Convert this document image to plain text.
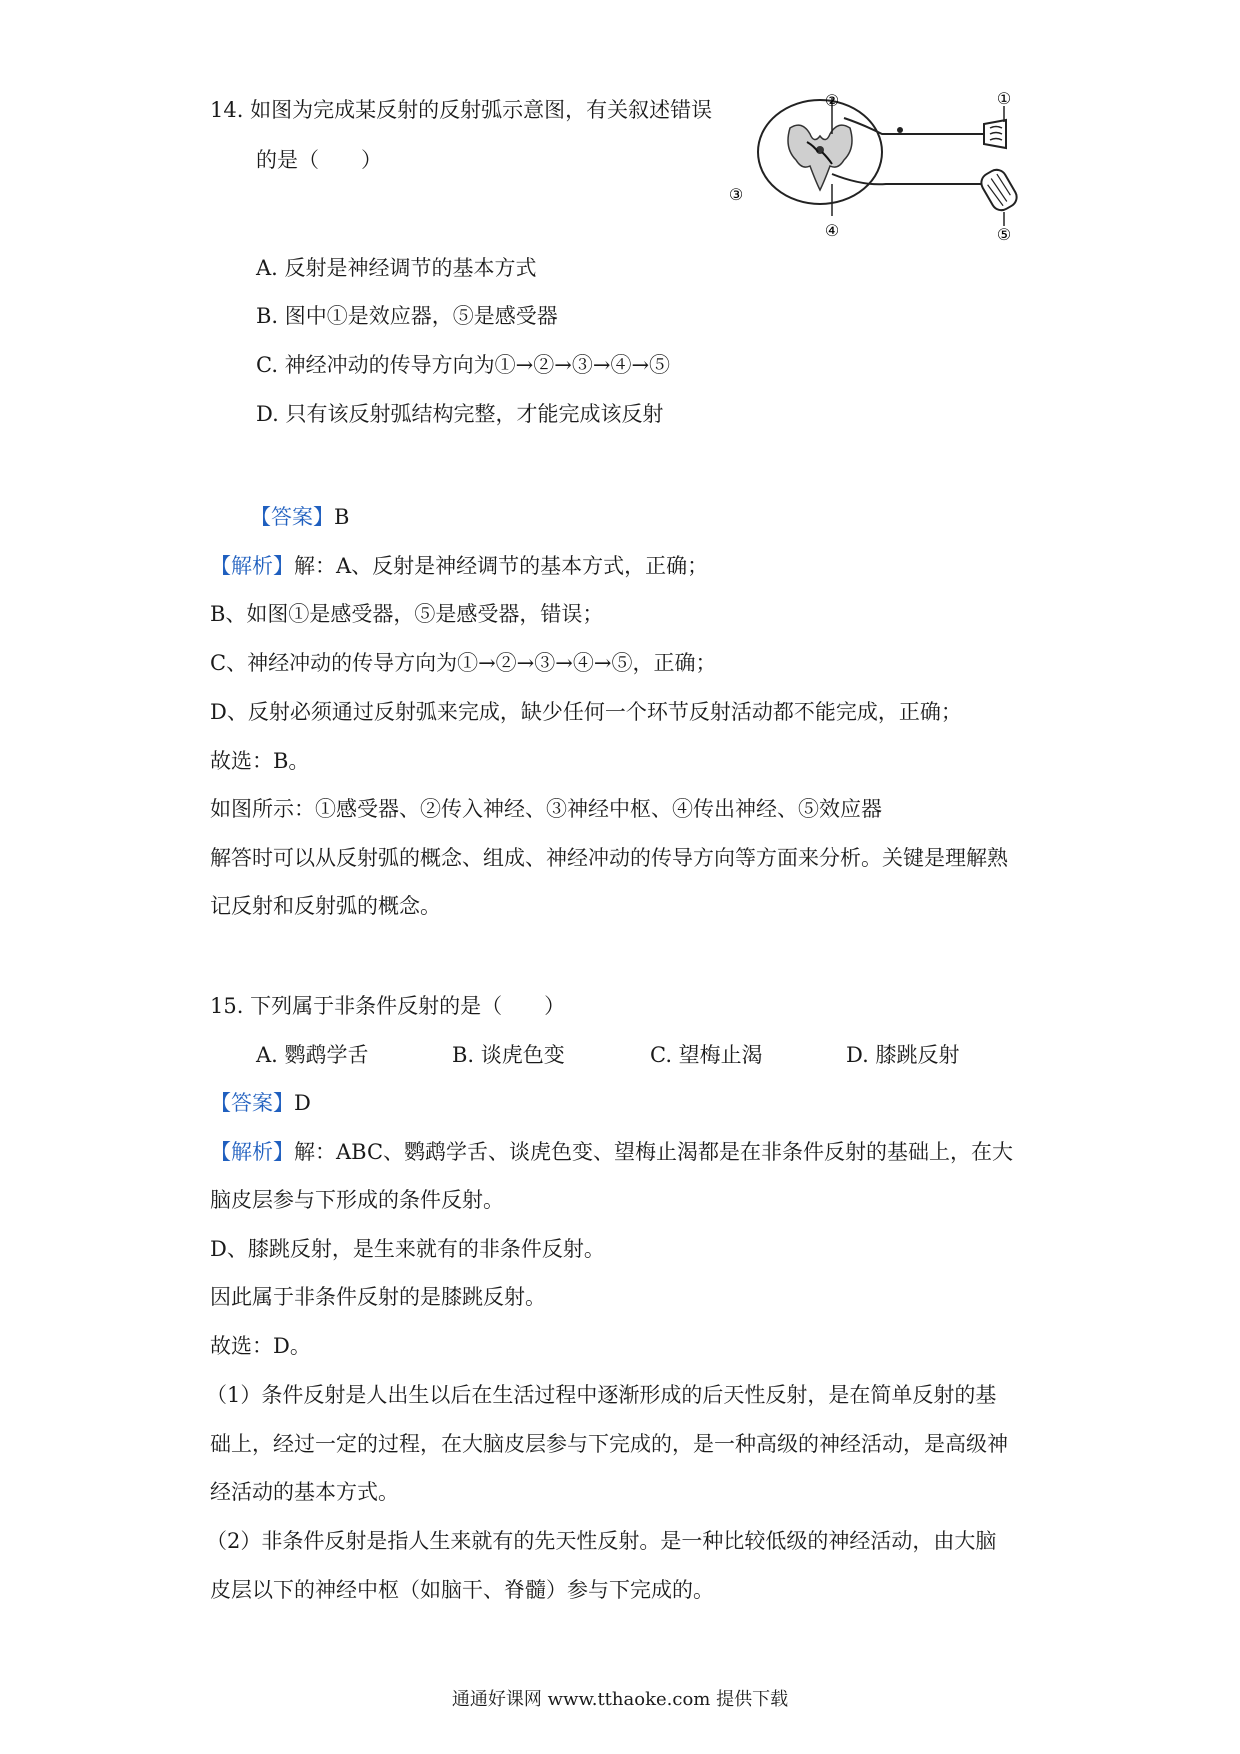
14. 如图为完成某反射的反射弧示意图，有关叙述错误
的是（　　）
①
②
③
④	⑤
A. 反射是神经调节的基本方式
B. 图中①是效应器，⑤是感受器
C. 神经冲动的传导方向为①→②→③→④→⑤
D. 只有该反射弧结构完整，才能完成该反射
【答案】B
【解析】解：A、反射是神经调节的基本方式，正确；
B、如图①是感受器，⑤是感受器，错误；
C、神经冲动的传导方向为①→②→③→④→⑤，正确；
D、反射必须通过反射弧来完成，缺少任何一个环节反射活动都不能完成，正确；
故选：B。
如图所示：①感受器、②传入神经、③神经中枢、④传出神经、⑤效应器
解答时可以从反射弧的概念、组成、神经冲动的传导方向等方面来分析。关键是理解熟
记反射和反射弧的概念。
15. 下列属于非条件反射的是（　　）
A. 鹦鹉学舌	B. 谈虎色变	C. 望梅止渴	D. 膝跳反射
【答案】D
【解析】解：ABC、鹦鹉学舌、谈虎色变、望梅止渴都是在非条件反射的基础上，在大
脑皮层参与下形成的条件反射。
D、膝跳反射，是生来就有的非条件反射。
因此属于非条件反射的是膝跳反射。
故选：D。
（1）条件反射是人出生以后在生活过程中逐渐形成的后天性反射，是在简单反射的基
础上，经过一定的过程，在大脑皮层参与下完成的，是一种高级的神经活动，是高级神
经活动的基本方式。
（2）非条件反射是指人生来就有的先天性反射。是一种比较低级的神经活动，由大脑
皮层以下的神经中枢（如脑干、脊髓）参与下完成的。
通通好课网 www.tthaoke.com 提供下载
